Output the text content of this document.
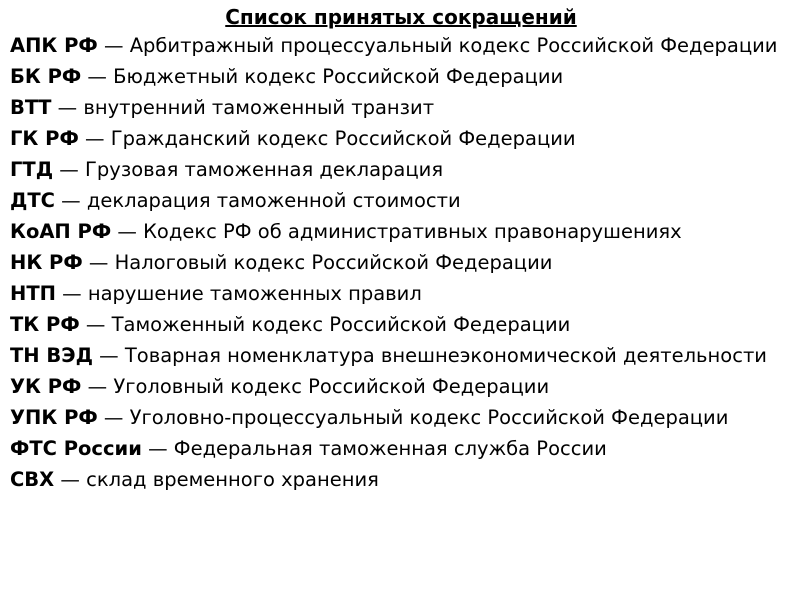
Список принятых сокращений
АПК РФ — Арбитражный процессуальный кодекс Российской Федерации
БК РФ — Бюджетный кодекс Российской Федерации
ВТТ — внутренний таможенный транзит
ГК РФ — Гражданский кодекс Российской Федерации
ГТД — Грузовая таможенная декларация
ДТС — декларация таможенной стоимости
КоАП РФ — Кодекс РФ об административных правонарушениях
НК РФ — Налоговый кодекс Российской Федерации
НТП — нарушение таможенных правил
ТК РФ — Таможенный кодекс Российской Федерации
ТН ВЭД — Товарная номенклатура внешнеэкономической деятельности
УК РФ — Уголовный кодекс Российской Федерации
УПК РФ — Уголовно-процессуальный кодекс Российской Федерации
ФТС России — Федеральная таможенная служба России
СВХ — склад временного хранения
